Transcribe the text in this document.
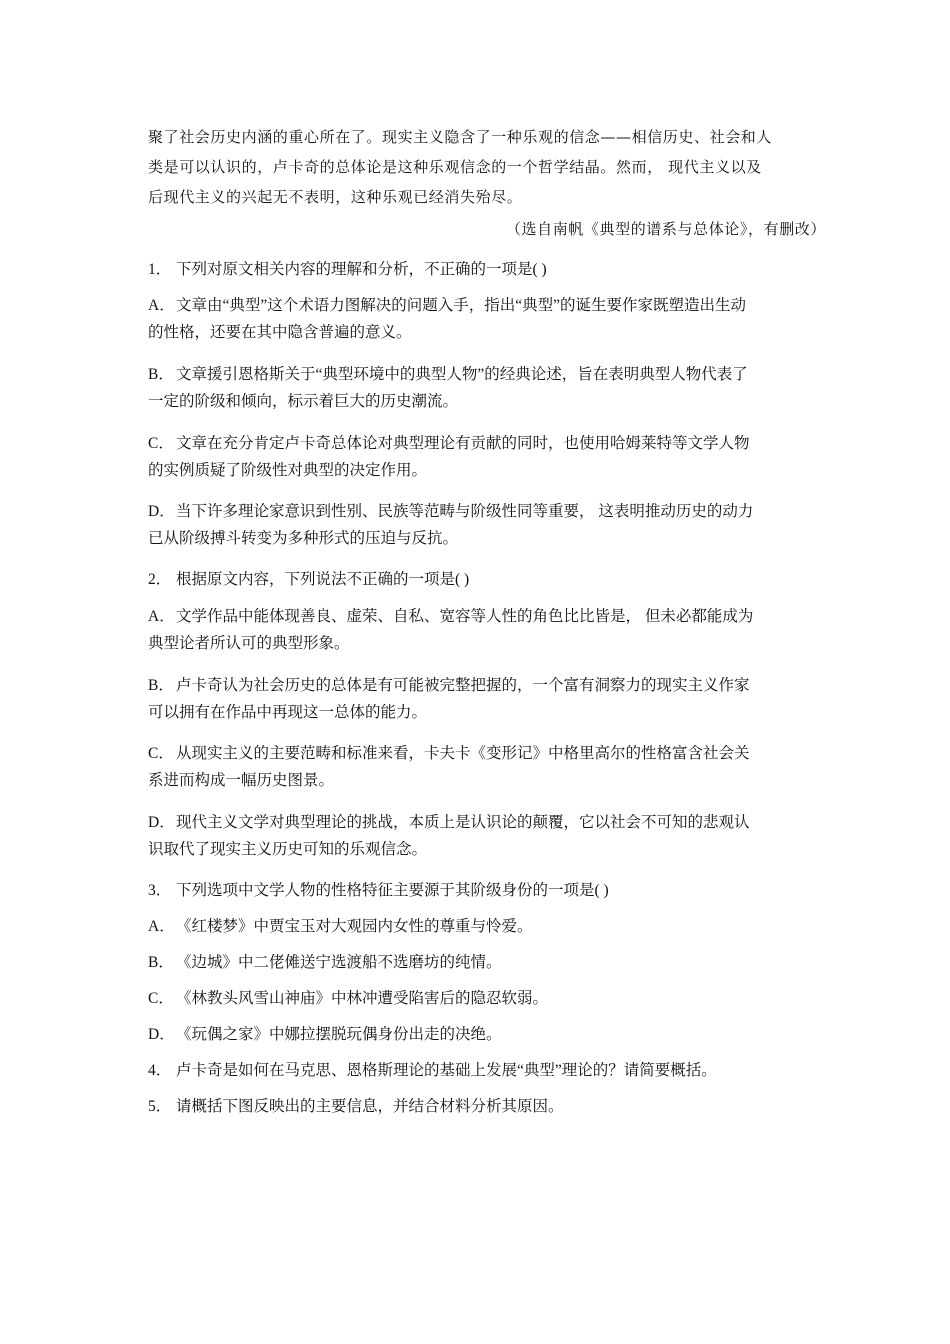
聚了社会历史内涵的重心所在了。现实主义隐含了一种乐观的信念——相信历史、社会和人
类是可以认识的，卢卡奇的总体论是这种乐观信念的一个哲学结晶。然而， 现代主义以及
后现代主义的兴起无不表明，这种乐观已经消失殆尽。
（选自南帆《典型的谱系与总体论》，有删改）
1． 下列对原文相关内容的理解和分析，不正确的一项是( )
A．文章由“典型”这个术语力图解决的问题入手，指出“典型”的诞生要作家既塑造出生动
的性格，还要在其中隐含普遍的意义。
B． 文章援引恩格斯关于“典型环境中的典型人物”的经典论述，旨在表明典型人物代表了
一定的阶级和倾向，标示着巨大的历史潮流。
C． 文章在充分肯定卢卡奇总体论对典型理论有贡献的同时，也使用哈姆莱特等文学人物
的实例质疑了阶级性对典型的决定作用。
D．当下许多理论家意识到性别、民族等范畴与阶级性同等重要， 这表明推动历史的动力
已从阶级搏斗转变为多种形式的压迫与反抗。
2． 根据原文内容，下列说法不正确的一项是( )
A．文学作品中能体现善良、虚荣、自私、宽容等人性的角色比比皆是， 但未必都能成为
典型论者所认可的典型形象。
B． 卢卡奇认为社会历史的总体是有可能被完整把握的，一个富有洞察力的现实主义作家
可以拥有在作品中再现这一总体的能力。
C． 从现实主义的主要范畴和标准来看，卡夫卡《变形记》中格里高尔的性格富含社会关
系进而构成一幅历史图景。
D．现代主义文学对典型理论的挑战，本质上是认识论的颠覆，它以社会不可知的悲观认
识取代了现实主义历史可知的乐观信念。
3． 下列选项中文学人物的性格特征主要源于其阶级身份的一项是( )
A．《红楼梦》中贾宝玉对大观园内女性的尊重与怜爱。
B． 《边城》中二佬傩送宁选渡船不选磨坊的纯情。
C． 《林教头风雪山神庙》中林冲遭受陷害后的隐忍软弱。
D．《玩偶之家》中娜拉摆脱玩偶身份出走的决绝。
4． 卢卡奇是如何在马克思、恩格斯理论的基础上发展“典型”理论的？请简要概括。
5． 请概括下图反映出的主要信息，并结合材料分析其原因。
